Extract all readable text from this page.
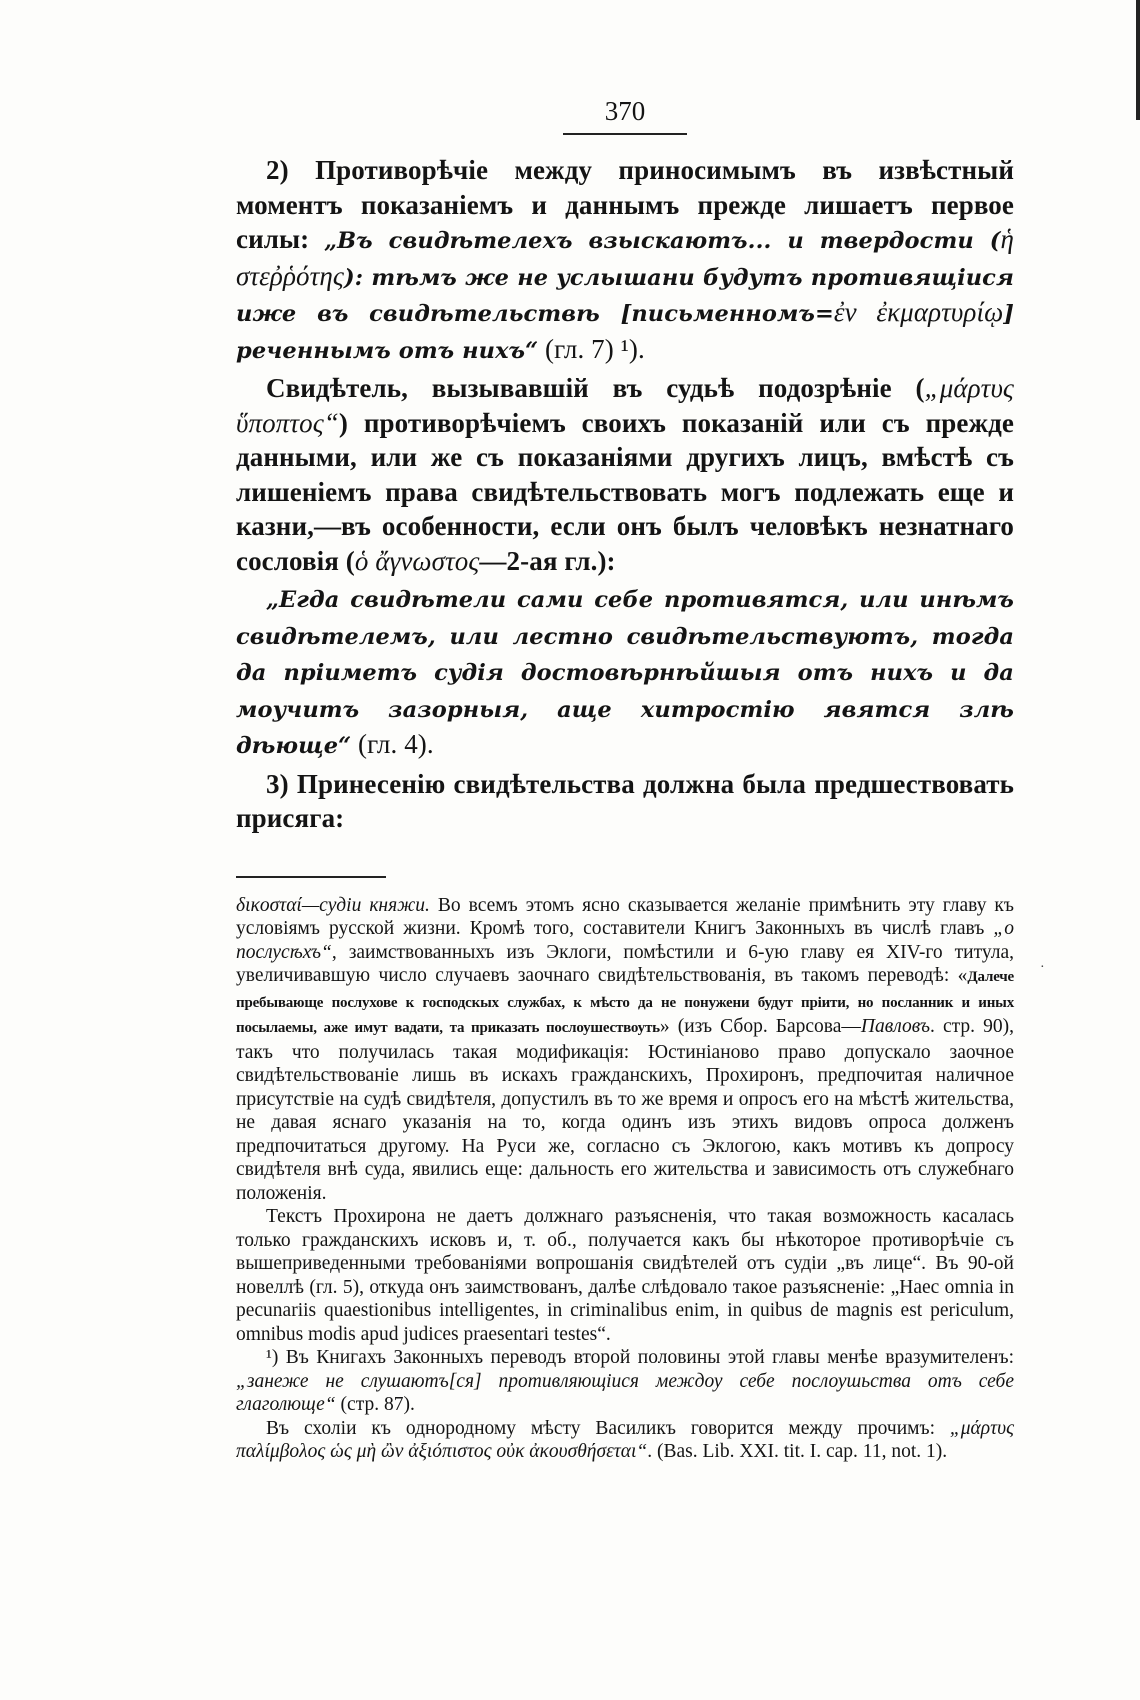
370

2) Противорѣчіе между приносимымъ въ извѣстный моментъ показаніемъ и даннымъ прежде лишаетъ первое силы: „Въ свидѣтелехъ взыскаютъ... и твердости (ἡ στεῤῥότης): тѣмъ же не услышани будутъ противящіися иже въ свидѣтельствѣ [письменномъ=ἐν ἐκμαρτυρίῳ] реченнымъ отъ нихъ“ (гл. 7) ¹).

Свидѣтель, вызывавшій въ судьѣ подозрѣніе („μάρτυς ὕποπτος“) противорѣчіемъ своихъ показаній или съ прежде данными, или же съ показаніями другихъ лицъ, вмѣстѣ съ лишеніемъ права свидѣтельствовать могъ подлежать еще и казни,—въ особенности, если онъ былъ человѣкъ незнатнаго сословія (ὁ ἄγνωστος—2-ая гл.):

„Егда свидѣтели сами себе противятся, или инѣмъ свидѣтелемъ, или лестно свидѣтельствуютъ, тогда да пріиметъ судія достовѣрнѣйшыя отъ нихъ и да моучитъ зазорныя, аще хитростію явятся злѣ дѣюще“ (гл. 4).

3) Принесенію свидѣтельства должна была предшествовать присяга:

δικοσταί—судіи княжи. Во всемъ этомъ ясно сказывается желаніе примѣнить эту главу къ условіямъ русской жизни. Кромѣ того, составители Книгъ Законныхъ въ числѣ главъ „о послусѣхъ“, заимствованныхъ изъ Эклоги, помѣстили и 6-ую главу ея XIV-го титула, увеличивавшую число случаевъ заочнаго свидѣтельствованія, въ такомъ переводѣ: «Далече пребывающе послухове к господскых службах, к мѣсто да не понужени будут пріити, но посланник и иных посылаемы, аже имут вадати, та приказать послоушествоуть» (изъ Сбор. Барсова—Павловъ. стр. 90), такъ что получилась такая модификація: Юстиніаново право допускало заочное свидѣтельствованіе лишь въ искахъ гражданскихъ, Прохиронъ, предпочитая наличное присутствіе на судѣ свидѣтеля, допустилъ въ то же время и опросъ его на мѣстѣ жительства, не давая яснаго указанія на то, когда одинъ изъ этихъ видовъ опроса долженъ предпочитаться другому. На Руси же, согласно съ Эклогою, какъ мотивъ къ допросу свидѣтеля внѣ суда, явились еще: дальность его жительства и зависимость отъ служебнаго положенія.

Текстъ Прохирона не даетъ должнаго разъясненія, что такая возможность касалась только гражданскихъ исковъ и, т. об., получается какъ бы нѣкоторое противорѣчіе съ вышеприведенными требованіями вопрошанія свидѣтелей отъ судіи „въ лице“. Въ 90-ой новеллѣ (гл. 5), откуда онъ заимствованъ, далѣе слѣдовало такое разъясненіе: „Haec omnia in pecunariis quaestionibus intelligentes, in criminalibus enim, in quibus de magnis est periculum, omnibus modis apud judices praesentari testes“.

¹) Въ Книгахъ Законныхъ переводъ второй половины этой главы менѣе вразумителенъ: „занеже не слушаютъ[ся] противляющіися междоу себе послоушьства отъ себе глаголюще“ (стр. 87).

Въ схоліи къ однородному мѣсту Василикъ говорится между прочимъ: „μάρτυς παλίμβολος ὡς μὴ ὢν ἀξιόπιστος οὐκ ἀκουσθήσεται“. (Bas. Lib. XXI. tit. I. cap. 11, not. 1).

·
